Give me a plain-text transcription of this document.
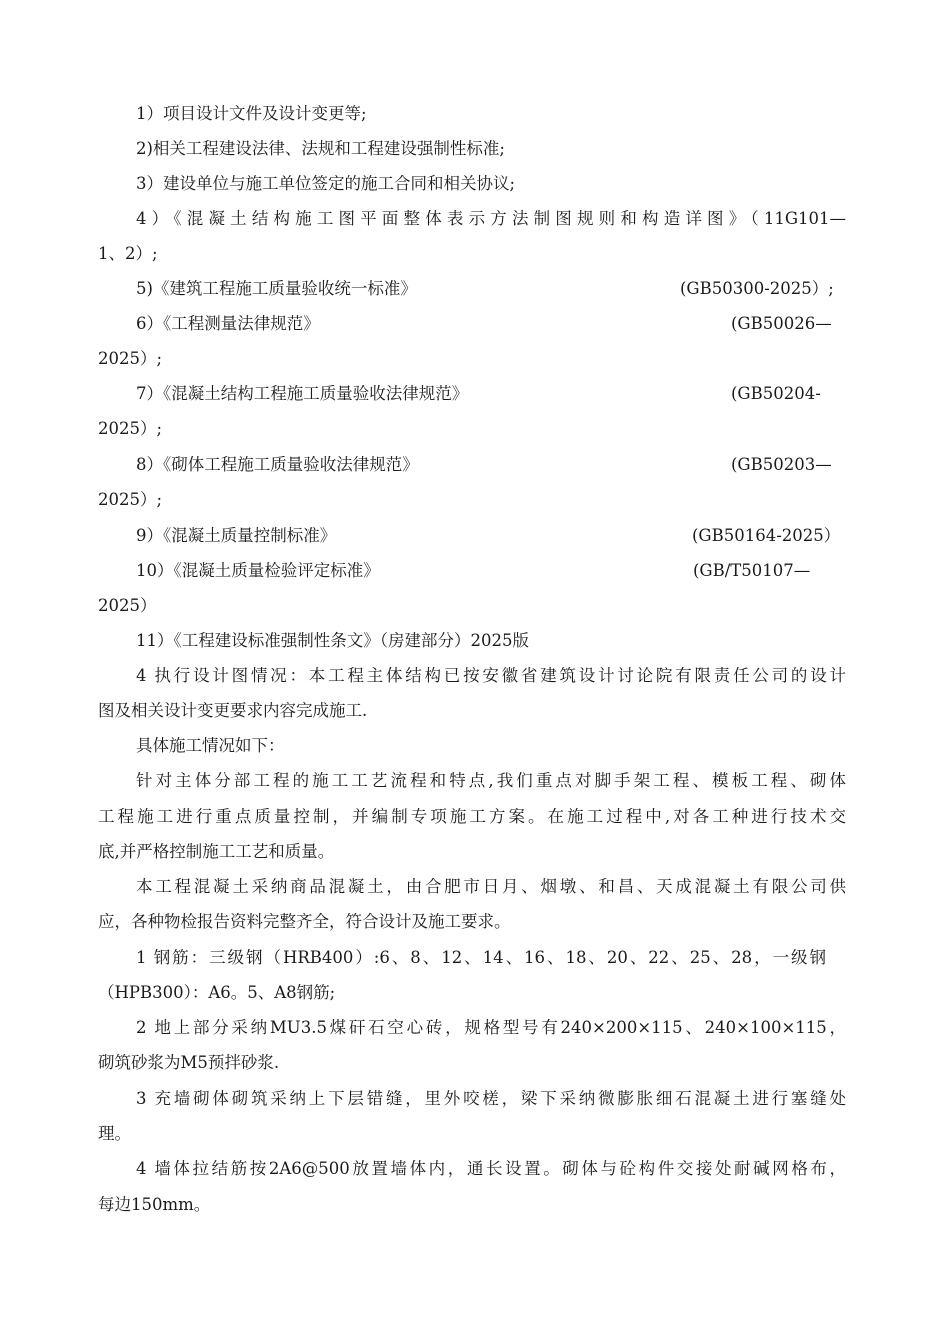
1）项目设计文件及设计变更等;
2)相关工程建设法律、法规和工程建设强制性标准;
3）建设单位与施工单位签定的施工合同和相关协议;
4）《混凝土结构施工图平面整体表示方法制图规则和构造详图》（11G101—
1、2）;
5)《建筑工程施工质量验收统一标准》	(GB50300-2025）;
6）《工程测量法律规范》	(GB50026—
2025）;
7）《混凝土结构工程施工质量验收法律规范》	(GB50204-
2025）;
8）《砌体工程施工质量验收法律规范》	(GB50203—
2025）;
9）《混凝土质量控制标准》	(GB50164-2025）
10）《混凝土质量检验评定标准》	(GB/T50107—
2025）
11）《工程建设标准强制性条文》（房建部分）2025版
4 执行设计图情况：本工程主体结构已按安徽省建筑设计讨论院有限责任公司的设计
图及相关设计变更要求内容完成施工.
具体施工情况如下：
针对主体分部工程的施工工艺流程和特点,我们重点对脚手架工程、模板工程、砌体
工程施工进行重点质量控制，并编制专项施工方案。在施工过程中,对各工种进行技术交
底,并严格控制施工工艺和质量。
本工程混凝土采纳商品混凝土，由合肥市日月、烟墩、和昌、天成混凝土有限公司供
应，各种物检报告资料完整齐全，符合设计及施工要求。
1 钢筋：三级钢（HRB400）:6、8、12、14、16、18、20、22、25、28，一级钢
（HPB300）：A6。5、A8钢筋;
2 地上部分采纳MU3.5煤矸石空心砖，规格型号有240×200×115、240×100×115，
砌筑砂浆为M5预拌砂浆.
3 充墙砌体砌筑采纳上下层错缝，里外咬槎，梁下采纳微膨胀细石混凝土进行塞缝处
理。
4 墙体拉结筋按2A6@500放置墙体内，通长设置。砌体与砼构件交接处耐碱网格布，
每边150mm。
